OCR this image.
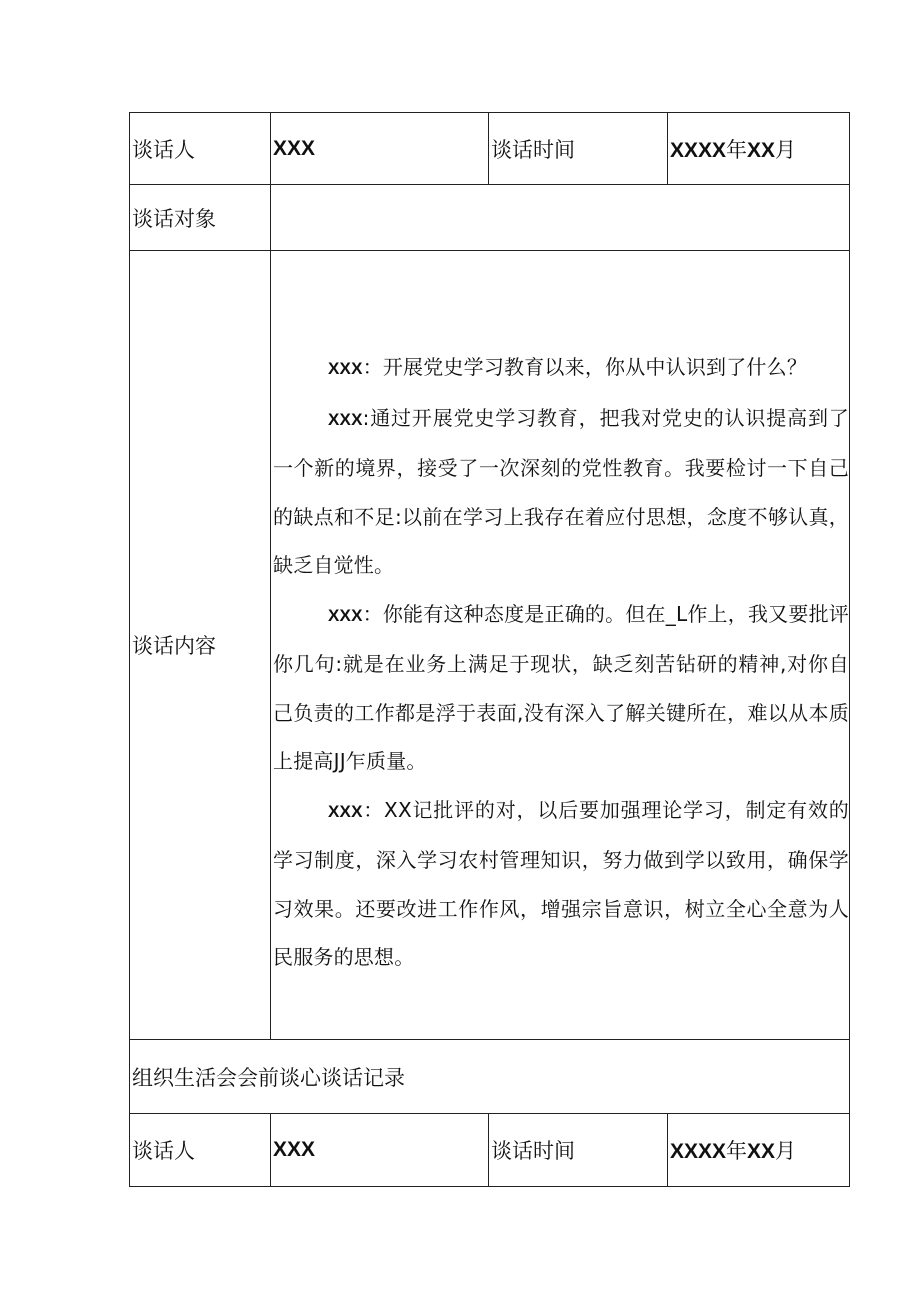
谈话人	XXX	谈话时间	XXXX年XX月
谈话对象			
谈话内容	XXX：开展党史学习教育以来，你从中认识到了什么？

XXX:通过开展党史学习教育，把我对党史的认识提高到了一个新的境界，接受了一次深刻的党性教育。我要检讨一下自己的缺点和不足:以前在学习上我存在着应付思想，念度不够认真，缺乏自觉性。

XXX：你能有这种态度是正确的。但在_L作上，我又要批评你几句:就是在业务上满足于现状，缺乏刻苦钻研的精神,对你自己负责的工作都是浮于表面,没有深入了解关键所在，难以从本质上提高JJ乍质量。

XXX：XX记批评的对，以后要加强理论学习，制定有效的学习制度，深入学习农村管理知识，努力做到学以致用，确保学习效果。还要改进工作作风，增强宗旨意识，树立全心全意为人民服务的思想。		

组织生活会会前谈心谈话记录			
谈话人	XXX	谈话时间	XXXX年XX月
